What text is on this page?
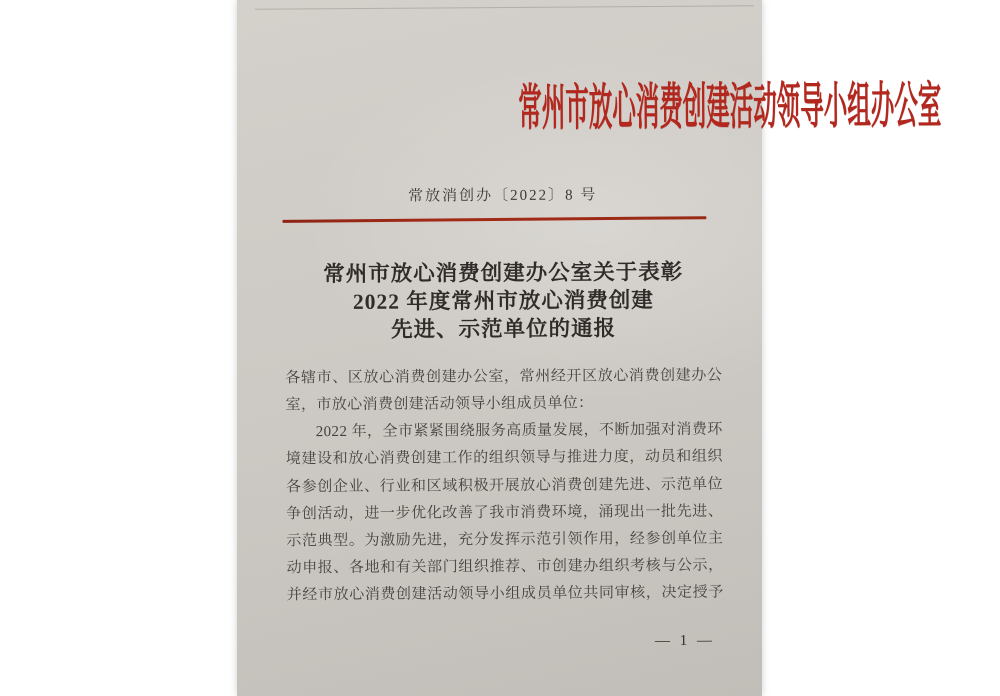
常州市放心消费创建活动领导小组办公室
常放消创办〔2022〕8 号
常州市放心消费创建办公室关于表彰
2022 年度常州市放心消费创建
先进、示范单位的通报
各辖市、区放心消费创建办公室，常州经开区放心消费创建办公
室，市放心消费创建活动领导小组成员单位：
2022 年，全市紧紧围绕服务高质量发展，不断加强对消费环
境建设和放心消费创建工作的组织领导与推进力度，动员和组织
各参创企业、行业和区域积极开展放心消费创建先进、示范单位
争创活动，进一步优化改善了我市消费环境，涌现出一批先进、
示范典型。为激励先进，充分发挥示范引领作用，经参创单位主
动申报、各地和有关部门组织推荐、市创建办组织考核与公示，
并经市放心消费创建活动领导小组成员单位共同审核，决定授予
— 1 —
